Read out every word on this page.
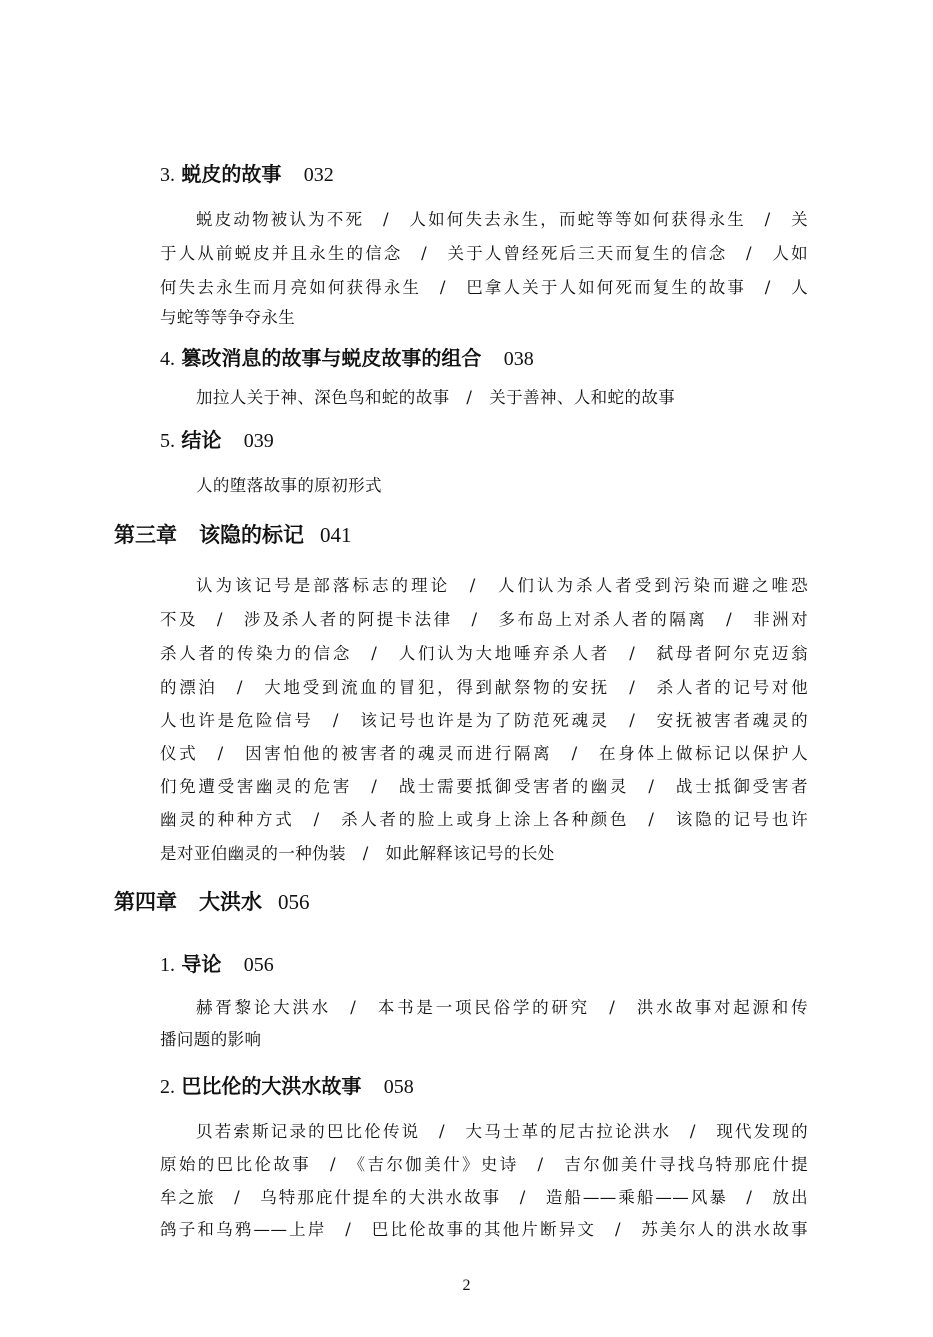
3. 蜕皮的故事 032
蜕皮动物被认为不死　/　人如何失去永生，而蛇等等如何获得永生　/　关
于人从前蜕皮并且永生的信念　/　关于人曾经死后三天而复生的信念　/　人如
何失去永生而月亮如何获得永生　/　巴拿人关于人如何死而复生的故事　/　人
与蛇等等争夺永生
4. 篡改消息的故事与蜕皮故事的组合 038
加拉人关于神、深色鸟和蛇的故事　/　关于善神、人和蛇的故事
5. 结论 039
人的堕落故事的原初形式
第三章 该隐的标记 041
认为该记号是部落标志的理论　/　人们认为杀人者受到污染而避之唯恐
不及　/　涉及杀人者的阿提卡法律　/　多布岛上对杀人者的隔离　/　非洲对
杀人者的传染力的信念　/　人们认为大地唾弃杀人者　/　弑母者阿尔克迈翁
的漂泊　/　大地受到流血的冒犯，得到献祭物的安抚　/　杀人者的记号对他
人也许是危险信号　/　该记号也许是为了防范死魂灵　/　安抚被害者魂灵的
仪式　/　因害怕他的被害者的魂灵而进行隔离　/　在身体上做标记以保护人
们免遭受害幽灵的危害　/　战士需要抵御受害者的幽灵　/　战士抵御受害者
幽灵的种种方式　/　杀人者的脸上或身上涂上各种颜色　/　该隐的记号也许
是对亚伯幽灵的一种伪装　/　如此解释该记号的长处
第四章 大洪水 056
1. 导论 056
赫胥黎论大洪水　/　本书是一项民俗学的研究　/　洪水故事对起源和传
播问题的影响
2. 巴比伦的大洪水故事 058
贝若索斯记录的巴比伦传说　/　大马士革的尼古拉论洪水　/　现代发现的
原始的巴比伦故事　/　《吉尔伽美什》史诗　/　吉尔伽美什寻找乌特那庇什提
牟之旅　/　乌特那庇什提牟的大洪水故事　/　造船——乘船——风暴　/　放出
鸽子和乌鸦——上岸　/　巴比伦故事的其他片断异文　/　苏美尔人的洪水故事
2
